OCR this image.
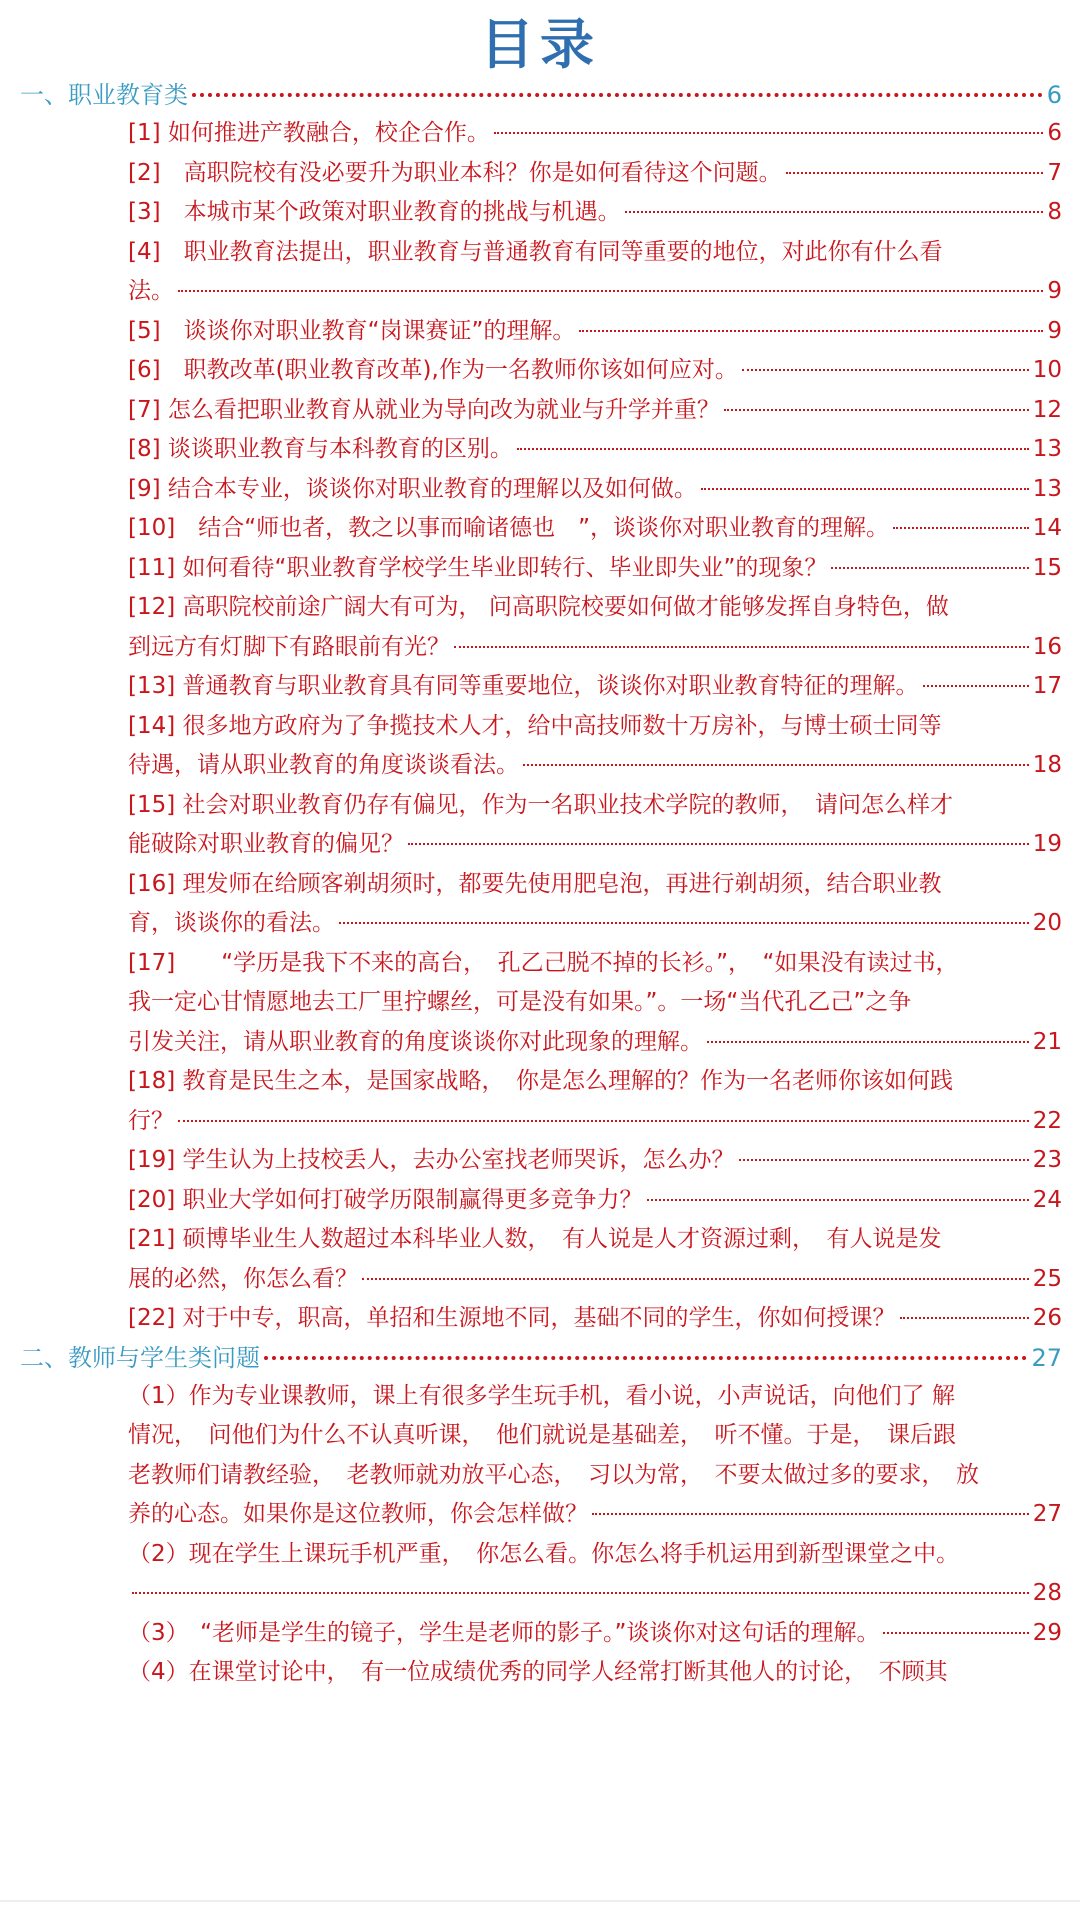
目录
一、职业教育类	6
[1] 如何推进产教融合，校企合作。	6
[2]　高职院校有没必要升为职业本科？你是如何看待这个问题。	7
[3]　本城市某个政策对职业教育的挑战与机遇。	8
[4]　职业教育法提出，职业教育与普通教育有同等重要的地位，对此你有什么看
法。	9
[5]　谈谈你对职业教育“岗课赛证”的理解。	9
[6]　职教改革(职业教育改革),作为一名教师你该如何应对。	10
[7] 怎么看把职业教育从就业为导向改为就业与升学并重？	12
[8] 谈谈职业教育与本科教育的区别。	13
[9] 结合本专业，谈谈你对职业教育的理解以及如何做。	13
[10]　结合“师也者，教之以事而喻诸德也　”，谈谈你对职业教育的理解。	14
[11] 如何看待“职业教育学校学生毕业即转行、毕业即失业”的现象？	15
[12] 高职院校前途广阔大有可为， 问高职院校要如何做才能够发挥自身特色，做
到远方有灯脚下有路眼前有光？	16
[13] 普通教育与职业教育具有同等重要地位，谈谈你对职业教育特征的理解。	17
[14] 很多地方政府为了争揽技术人才，给中高技师数十万房补，与博士硕士同等
待遇，请从职业教育的角度谈谈看法。	18
[15] 社会对职业教育仍存有偏见，作为一名职业技术学院的教师，　请问怎么样才
能破除对职业教育的偏见？	19
[16] 理发师在给顾客剃胡须时，都要先使用肥皂泡，再进行剃胡须，结合职业教
育，谈谈你的看法。	20
[17]　　“学历是我下不来的高台，　孔乙己脱不掉的长衫。”，　“如果没有读过书，
我一定心甘情愿地去工厂里拧螺丝，可是没有如果。”。一场“当代孔乙己”之争
引发关注，请从职业教育的角度谈谈你对此现象的理解。	21
[18] 教育是民生之本，是国家战略，　你是怎么理解的？作为一名老师你该如何践
行？	22
[19] 学生认为上技校丢人，去办公室找老师哭诉，怎么办？	23
[20] 职业大学如何打破学历限制赢得更多竞争力？	24
[21] 硕博毕业生人数超过本科毕业人数，　有人说是人才资源过剩，　有人说是发
展的必然，你怎么看？	25
[22] 对于中专，职高，单招和生源地不同，基础不同的学生，你如何授课？	26
二、教师与学生类问题	27
（1）作为专业课教师，课上有很多学生玩手机，看小说，小声说话，向他们了 解
情况，　问他们为什么不认真听课，　他们就说是基础差，　听不懂。于是，　课后跟
老教师们请教经验，　老教师就劝放平心态，　习以为常，　不要太做过多的要求，　放
养的心态。如果你是这位教师，你会怎样做？	27
（2）现在学生上课玩手机严重，　你怎么看。你怎么将手机运用到新型课堂之中。
28
（3）　“老师是学生的镜子，学生是老师的影子。”谈谈你对这句话的理解。	29
（4）在课堂讨论中，　有一位成绩优秀的同学人经常打断其他人的讨论，　不顾其
